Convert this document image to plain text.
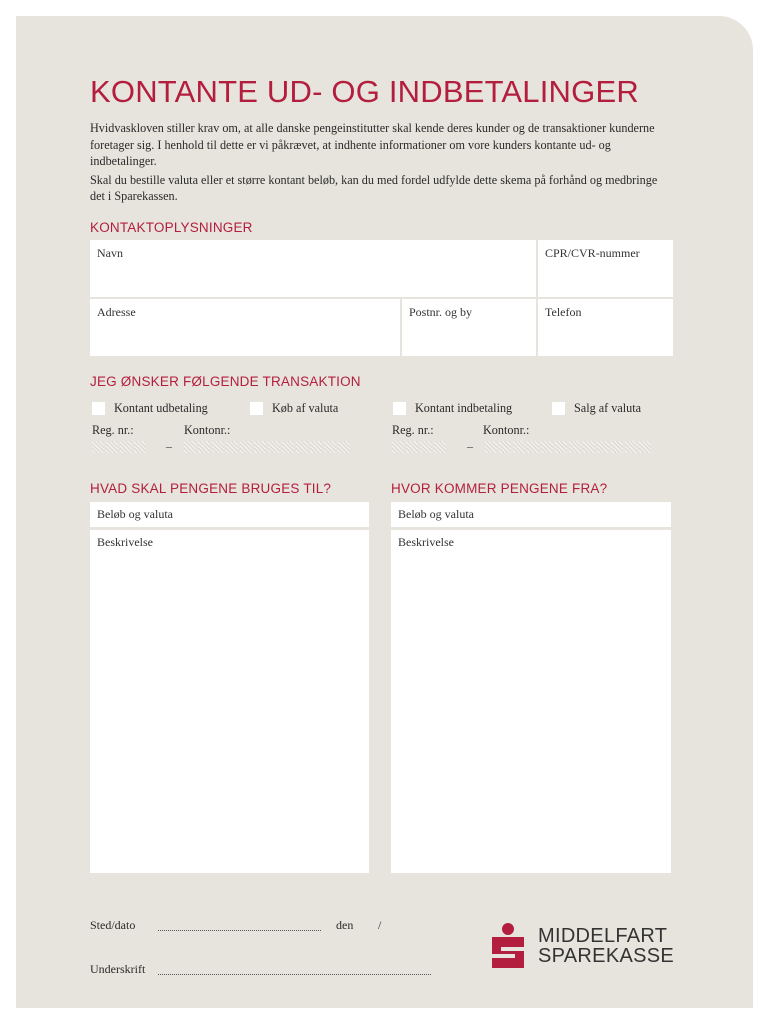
KONTANTE UD- OG INDBETALINGER

Hvidvaskloven stiller krav om, at alle danske pengeinstitutter skal kende deres kunder og de transaktioner kunderne foretager sig. I henhold til dette er vi påkrævet, at indhente informationer om vore kunders kontante ud- og indbetalinger.

Skal du bestille valuta eller et større kontant beløb, kan du med fordel udfylde dette skema på forhånd og medbringe det i Sparekassen.

KONTAKTOPLYSNINGER
Navn	CPR/CVR-nummer
Adresse	Postnr. og by	Telefon
JEG ØNSKER FØLGENDE TRANSAKTION
Kontant udbetaling	Køb af valuta	Kontant indbetaling	Salg af valuta
Reg. nr.:	Kontonr.:
–
Reg. nr.:	Kontonr.:
–
HVAD SKAL PENGENE BRUGES TIL?
Beløb og valuta
Beskrivelse
HVOR KOMMER PENGENE FRA?
Beløb og valuta
Beskrivelse
Sted/dato	den /
Underskrift
MIDDELFART
SPAREKASSE
